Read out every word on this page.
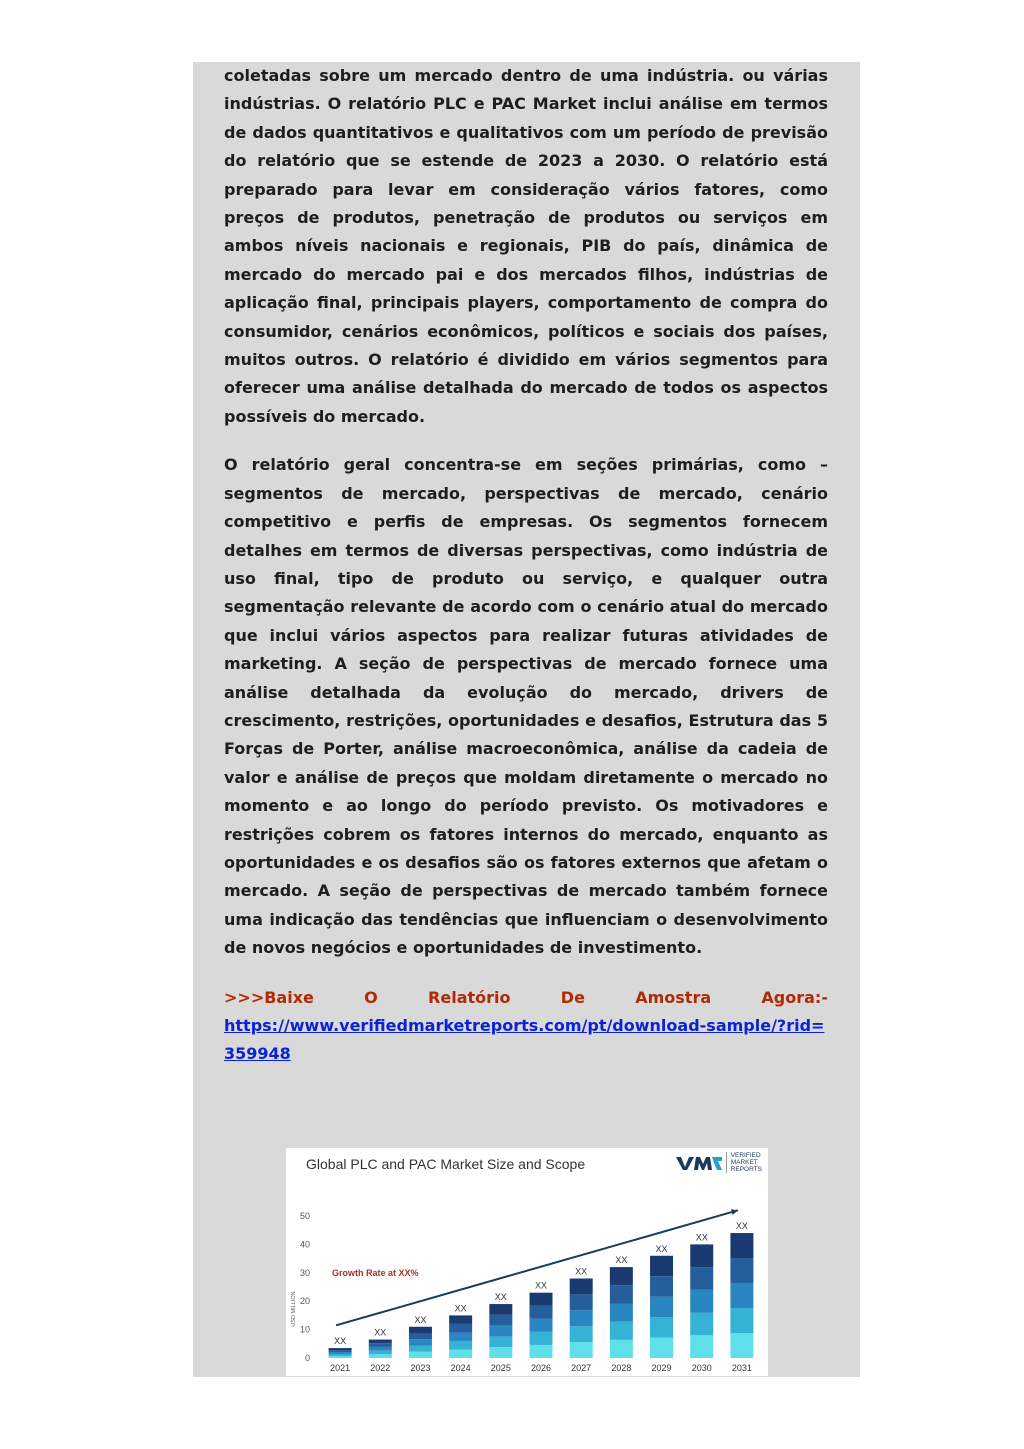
coletadas sobre um mercado dentro de uma indústria. ou várias indústrias. O relatório PLC e PAC Market inclui análise em termos de dados quantitativos e qualitativos com um período de previsão do relatório que se estende de 2023 a 2030. O relatório está preparado para levar em consideração vários fatores, como preços de produtos, penetração de produtos ou serviços em ambos níveis nacionais e regionais, PIB do país, dinâmica de mercado do mercado pai e dos mercados filhos, indústrias de aplicação final, principais players, comportamento de compra do consumidor, cenários econômicos, políticos e sociais dos países, muitos outros. O relatório é dividido em vários segmentos para oferecer uma análise detalhada do mercado de todos os aspectos possíveis do mercado.

O relatório geral concentra-se em seções primárias, como – segmentos de mercado, perspectivas de mercado, cenário competitivo e perfis de empresas. Os segmentos fornecem detalhes em termos de diversas perspectivas, como indústria de uso final, tipo de produto ou serviço, e qualquer outra segmentação relevante de acordo com o cenário atual do mercado que inclui vários aspectos para realizar futuras atividades de marketing. A seção de perspectivas de mercado fornece uma análise detalhada da evolução do mercado, drivers de crescimento, restrições, oportunidades e desafios, Estrutura das 5 Forças de Porter, análise macroeconômica, análise da cadeia de valor e análise de preços que moldam diretamente o mercado no momento e ao longo do período previsto. Os motivadores e restrições cobrem os fatores internos do mercado, enquanto as oportunidades e os desafios são os fatores externos que afetam o mercado. A seção de perspectivas de mercado também fornece uma indicação das tendências que influenciam o desenvolvimento de novos negócios e oportunidades de investimento.

>>>Baixe	O	Relatório	De	Amostra	Agora:-
https://www.verifiedmarketreports.com/pt/download-sample/?rid=359948
Global PLC and PAC Market Size and Scope
VERIFIED
MARKET
REPORTS
0
10
20
30
40
50
USD MILLION
XX
2021
XX
2022
XX
2023
XX
2024
XX
2025
XX
2026
XX
2027
XX
2028
XX
2029
XX
2030
XX
2031
Growth Rate at XX%
